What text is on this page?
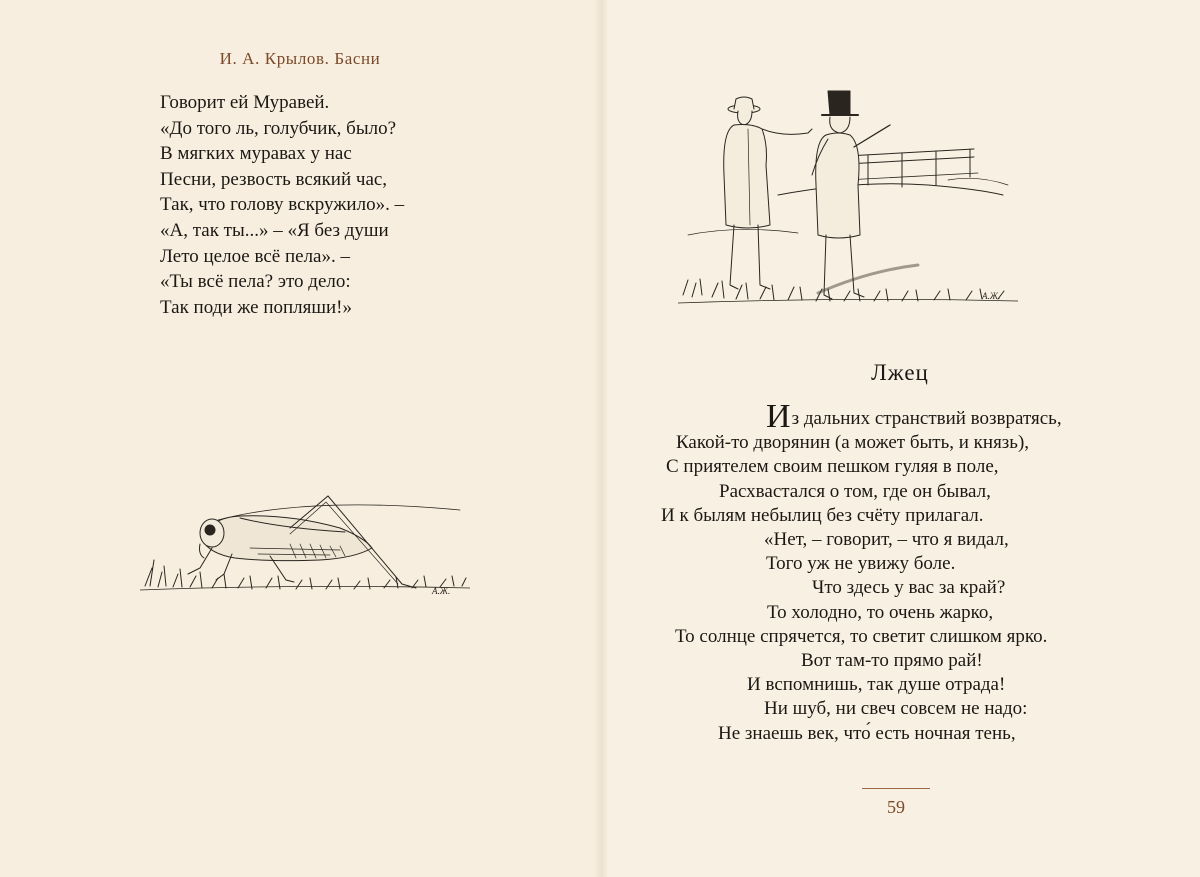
И. А. Крылов. Басни
Говорит ей Муравей.
«До того ль, голубчик, было?
В мягких муравах у нас
Песни, резвость всякий час,
Так, что голову вскружило». –
«А, так ты...» – «Я без души
Лето целое всё пела». –
«Ты всё пела? это дело:
Так поди же попляши!»
А.Ж.
А.Ж.
Лжец
Из дальних странствий возвратясь,
Какой-то дворянин (а может быть, и князь),
С приятелем своим пешком гуляя в поле,
Расхвастался о том, где он бывал,
И к былям небылиц без счёту прилагал.
«Нет, – говорит, – что я видал,
Того уж не увижу боле.
Что здесь у вас за край?
То холодно, то очень жарко,
То солнце спрячется, то светит слишком ярко.
Вот там-то прямо рай!
И вспомнишь, так душе отрада!
Ни шуб, ни свеч совсем не надо:
Не знаешь век, что́ есть ночная тень,
59
